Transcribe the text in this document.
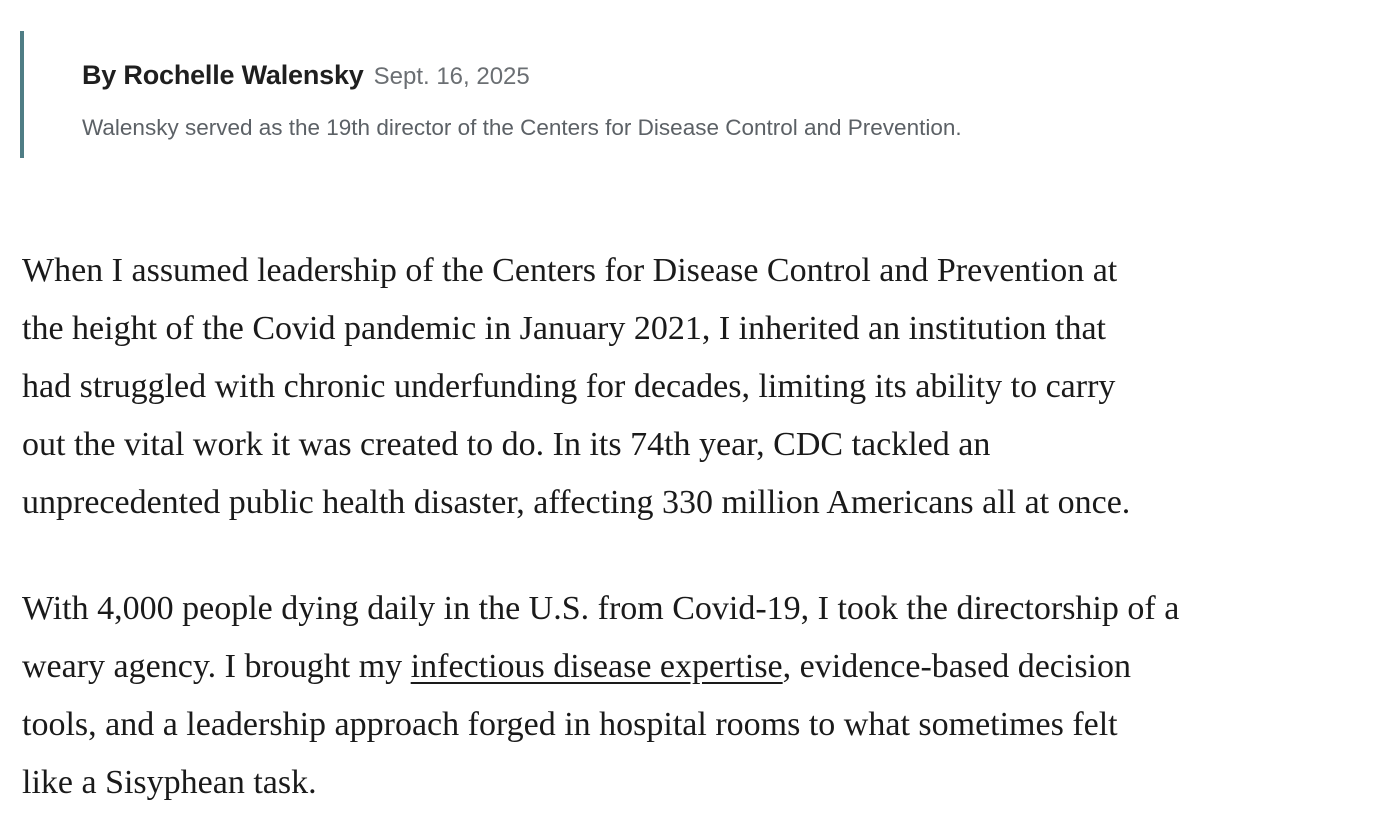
By Rochelle Walensky Sept. 16, 2025
Walensky served as the 19th director of the Centers for Disease Control and Prevention.

When I assumed leadership of the Centers for Disease Control and Prevention at
the height of the Covid pandemic in January 2021, I inherited an institution that
had struggled with chronic underfunding for decades, limiting its ability to carry
out the vital work it was created to do. In its 74th year, CDC tackled an
unprecedented public health disaster, affecting 330 million Americans all at once.

With 4,000 people dying daily in the U.S. from Covid-19, I took the directorship of a
weary agency. I brought my infectious disease expertise, evidence-based decision
tools, and a leadership approach forged in hospital rooms to what sometimes felt
like a Sisyphean task.
